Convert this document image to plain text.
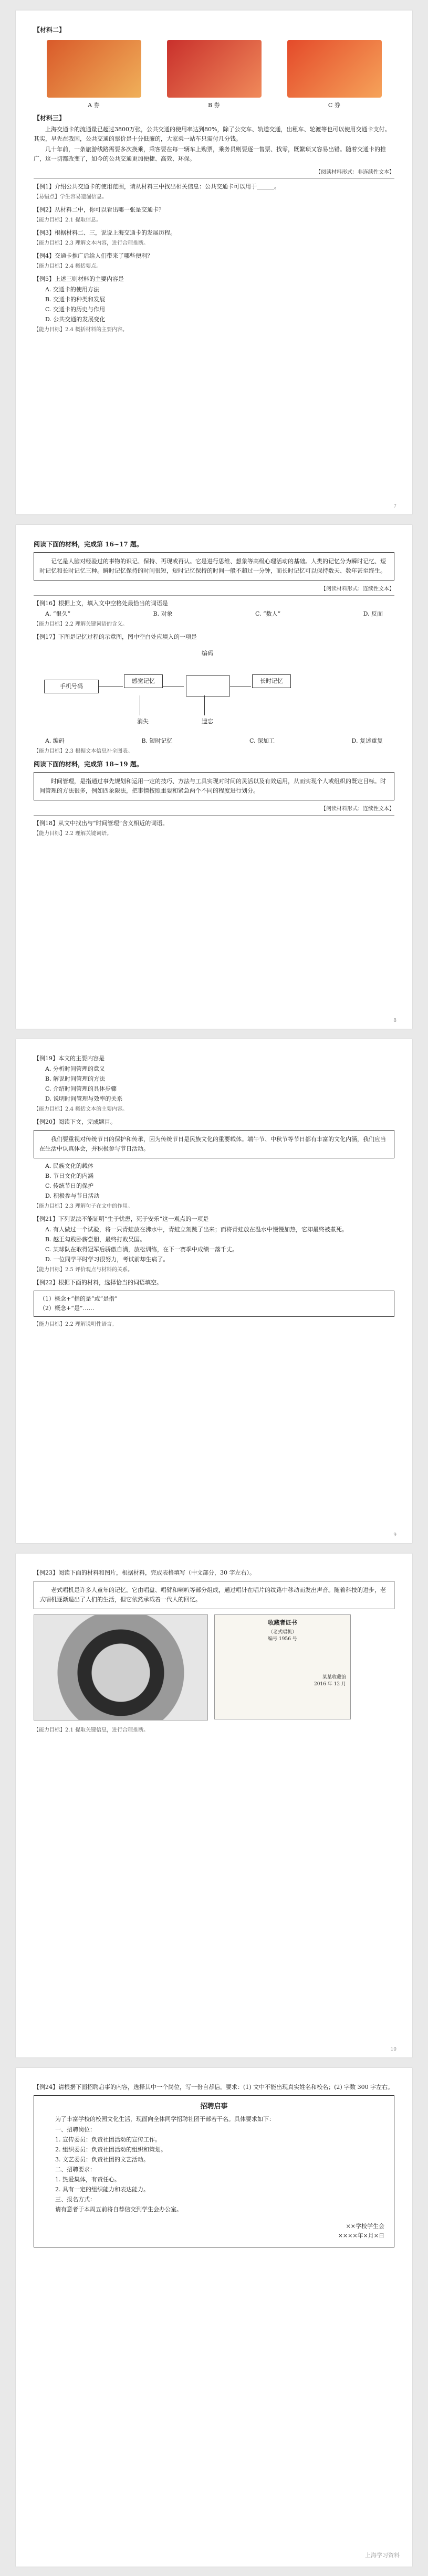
【材料二】
A 券	B 券	C 券
【材料三】
上海交通卡的流通量已超过3800万张，公共交通的使用率达到80%，除了公交车、轨道交通，出租车、轮渡等也可以使用交通卡支付。其实，早先在我国，公共交通的票价是十分低廉的，大家乘一站车只需付几分钱。
几十年前，一条旅游线路需要多次换乘，乘客要在每一辆车上购票，乘务员则要逐一售票、找零，既繁琐又容易出错。随着交通卡的推广，这一切都改变了，如今的公共交通更加便捷、高效、环保。
【阅读材料形式：非连续性文本】
【例1】介绍公共交通卡的使用范围，请从材料三中找出相关信息：公共交通卡可以用于＿＿＿。
【易错点】学生容易遗漏信息。
【例2】从材料二中，你可以看出哪一张是交通卡？
【能力目标】2.1 提取信息。
【例3】根据材料二、三，说说上海交通卡的发展历程。
【能力目标】2.3 理解文本内容，进行合理推断。
【例4】交通卡推广后给人们带来了哪些便利？
【能力目标】2.4 概括要点。
【例5】上述三则材料的主要内容是
A. 交通卡的使用方法
B. 交通卡的种类和发展
C. 交通卡的历史与作用
D. 公共交通的发展变化
【能力目标】2.4 概括材料的主要内容。
7
阅读下面的材料，完成第 16~17 题。
记忆是人脑对经验过的事物的识记、保持、再现或再认。它是进行思维、想象等高级心理活动的基础。人类的记忆分为瞬时记忆、短时记忆和长时记忆三种。瞬时记忆保持的时间很短，短时记忆保持的时间一般不超过一分钟，而长时记忆可以保持数天、数年甚至终生。
【阅读材料形式：连续性文本】
【例16】根据上文，填入文中空格处最恰当的词语是
A. “很久”	B. 对象	C. “数人”	D. 反面
【能力目标】2.2 理解关键词语的含义。
【例17】下图是记忆过程的示意图，图中空白处应填入的一项是
手机号码
感觉记忆
编码
长时记忆
消失	遗忘
A. 编码	B. 短时记忆	C. 深加工	D. 复述重复
【能力目标】2.3 根据文本信息补全图表。
阅读下面的材料，完成第 18~19 题。
时间管理，是指通过事先规划和运用一定的技巧、方法与工具实现对时间的灵活以及有效运用，从而实现个人或组织的既定目标。时间管理的方法很多，例如四象限法，把事情按照重要和紧急两个不同的程度进行划分。
【阅读材料形式：连续性文本】
【例18】从文中找出与“时间管理”含义相近的词语。
【能力目标】2.2 理解关键词语。
8
【例19】本文的主要内容是
A. 分析时间管理的意义
B. 解说时间管理的方法
C. 介绍时间管理的具体步骤
D. 说明时间管理与效率的关系
【能力目标】2.4 概括文本的主要内容。
【例20】阅读下文，完成题目。
我们要重视对传统节日的保护和传承，因为传统节日是民族文化的重要载体。端午节、中秋节等节日都有丰富的文化内涵，我们应当在生活中认真体会，并积极参与节日活动。
A. 民族文化的载体
B. 节日文化的内涵
C. 传统节日的保护
D. 积极参与节日活动
【能力目标】2.3 理解句子在文中的作用。
【例21】下列说法不能证明“生于忧患，死于安乐”这一观点的一项是
A. 有人做过一个试验，将一只青蛙放在沸水中，青蛙立刻跳了出来；而将青蛙放在温水中慢慢加热，它却最终被煮死。
B. 越王勾践卧薪尝胆，最终打败吴国。
C. 某球队在取得冠军后骄傲自满，放松训练，在下一赛季中成绩一落千丈。
D. 一位同学平时学习很努力，考试前却生病了。
【能力目标】2.5 评价观点与材料的关系。
【例22】根据下面的材料，选择恰当的词语填空。
（1）概念+“指的是”或“是指”
（2）概念+“是”……
【能力目标】2.2 理解说明性语言。
9
【例23】阅读下面的材料和图片，根据材料，完成表格填写（中文部分，30 字左右）。
老式唱机是许多人童年的记忆。它由唱盘、唱臂和喇叭等部分组成，通过唱针在唱片的纹路中移动而发出声音。随着科技的进步，老式唱机逐渐退出了人们的生活，但它依然承载着一代人的回忆。
收藏者证书
（老式唱机）
编号 1956 号
某某收藏馆
2016 年 12 月
【能力目标】2.1 提取关键信息，进行合理推断。
10
【例24】请根据下面招聘启事的内容，选择其中一个岗位，写一份自荐信。要求：(1) 文中不能出现真实姓名和校名；(2) 字数 300 字左右。
招聘启事
为了丰富学校的校园文化生活，现面向全体同学招聘社团干部若干名。具体要求如下：
一、招聘岗位：
1. 宣传委员：负责社团活动的宣传工作。
2. 组织委员：负责社团活动的组织和策划。
3. 文艺委员：负责社团的文艺活动。
二、招聘要求：
1. 热爱集体，有责任心。
2. 具有一定的组织能力和表达能力。
三、报名方式：
请有意者于本周五前将自荐信交到学生会办公室。
××学校学生会
××××年×月×日
上海学习资料
